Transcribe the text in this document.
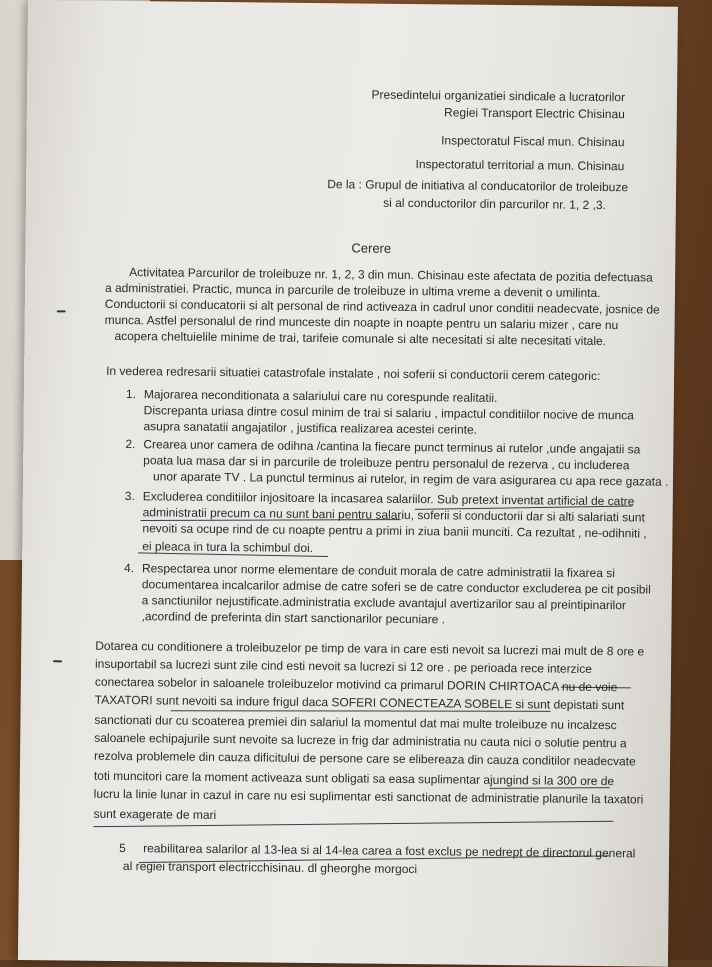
Presedintelui organizatiei sindicale a lucratorilor
Regiei Transport Electric Chisinau
Inspectoratul Fiscal mun. Chisinau
Inspectoratul territorial a mun. Chisinau
De la : Grupul de initiativa al conducatorilor de troleibuze
si al conductorilor din parcurilor nr. 1, 2 ,3.
Cerere
Activitatea Parcurilor de troleibuze nr. 1, 2, 3 din mun. Chisinau este afectata de pozitia defectuasa
a administratiei. Practic, munca in parcurile de troleibuze in ultima vreme a devenit o umilinta.
Conductorii si conducatorii si alt personal de rind activeaza in cadrul unor conditii neadecvate, josnice de
munca. Astfel personalul de rind munceste din noapte in noapte pentru un salariu mizer , care nu
acopera cheltuielile minime de trai, tarifeie comunale si alte necesitati si alte necesitati vitale.
In vederea redresarii situatiei catastrofale instalate , noi soferii si conductorii cerem categoric:
1. Majorarea neconditionata a salariului care nu corespunde realitatii.
Discrepanta uriasa dintre cosul minim de trai si salariu , impactul conditiilor nocive de munca
asupra sanatatii angajatilor , justifica realizarea acestei cerinte.
2. Crearea unor camera de odihna /cantina la fiecare punct terminus ai rutelor ,unde angajatii sa
poata lua masa dar si in parcurile de troleibuze pentru personalul de rezerva , cu includerea
unor aparate TV . La punctul terminus ai rutelor, in regim de vara asigurarea cu apa rece gazata .
3. Excluderea conditiilor injositoare la incasarea salariilor. Sub pretext inventat artificial de catre
administratii precum ca nu sunt bani pentru salariu, soferii si conductorii dar si alti salariati sunt
nevoiti sa ocupe rind de cu noapte pentru a primi in ziua banii munciti. Ca rezultat , ne-odihniti ,
ei pleaca in tura la schimbul doi.
4. Respectarea unor norme elementare de conduit morala de catre administratii la fixarea si
documentarea incalcarilor admise de catre soferi se de catre conductor excluderea pe cit posibil
a sanctiunilor nejustificate.administratia exclude avantajul avertizarilor sau al preintipinarilor
,acordind de preferinta din start sanctionarilor pecuniare .
Dotarea cu conditionere a troleibuzelor pe timp de vara in care esti nevoit sa lucrezi mai mult de 8 ore e
insuportabil sa lucrezi sunt zile cind esti nevoit sa lucrezi si 12 ore . pe perioada rece interzice
conectarea sobelor in saloanele troleibuzelor motivind ca primarul DORIN CHIRTOACA nu de voie
TAXATORI sunt nevoiti sa indure frigul daca SOFERI CONECTEAZA SOBELE si sunt depistati sunt
sanctionati dur cu scoaterea premiei din salariul la momentul dat mai multe troleibuze nu incalzesc
saloanele echipajurile sunt nevoite sa lucreze in frig dar administratia nu cauta nici o solutie pentru a
rezolva problemele din cauza dificitului de persone care se elibereaza din cauza conditilor neadecvate
toti muncitori care la moment activeaza sunt obligati sa easa suplimentar ajungind si la 300 ore de
lucru la linie lunar in cazul in care nu esi suplimentar esti sanctionat de administratie planurile la taxatori
sunt exagerate de mari
5 reabilitarea salarilor al 13-lea si al 14-lea carea a fost exclus pe nedrept de directorul general
al regiei transport electricchisinau. dl gheorghe morgoci
